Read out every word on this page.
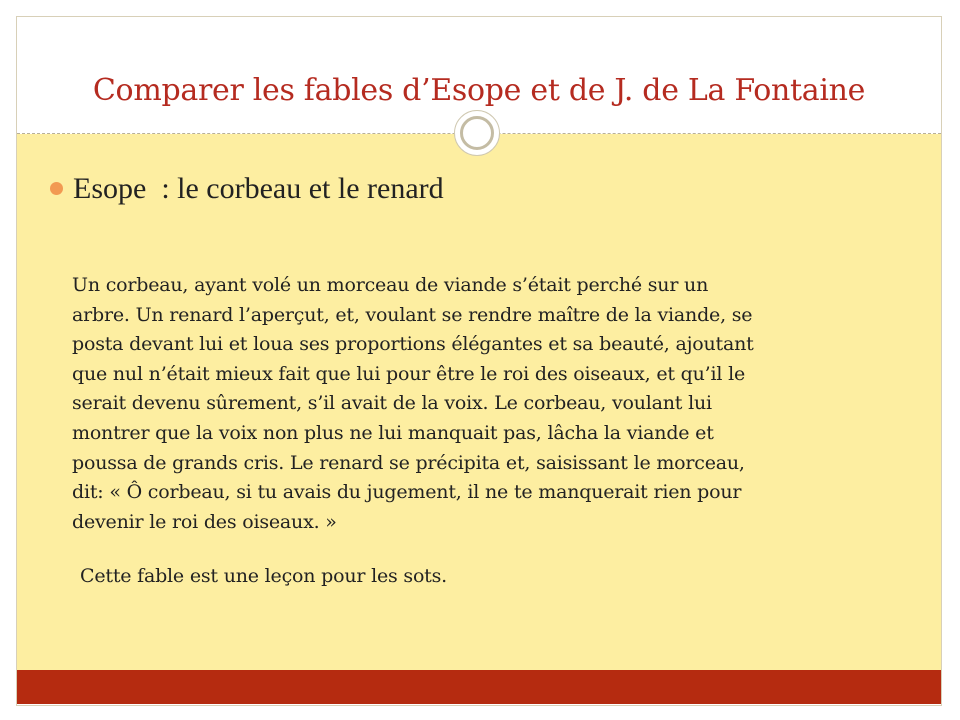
Comparer les fables d’Esope et de J. de La Fontaine
Esope  : le corbeau et le renard
Un corbeau, ayant volé un morceau de viande s’était perché sur un
arbre. Un renard l’aperçut, et, voulant se rendre maître de la viande, se
posta devant lui et loua ses proportions élégantes et sa beauté, ajoutant
que nul n’était mieux fait que lui pour être le roi des oiseaux, et qu’il le
serait devenu sûrement, s’il avait de la voix. Le corbeau, voulant lui
montrer que la voix non plus ne lui manquait pas, lâcha la viande et
poussa de grands cris. Le renard se précipita et, saisissant le morceau,
dit: « Ô corbeau, si tu avais du jugement, il ne te manquerait rien pour
devenir le roi des oiseaux. »
Cette fable est une leçon pour les sots.
